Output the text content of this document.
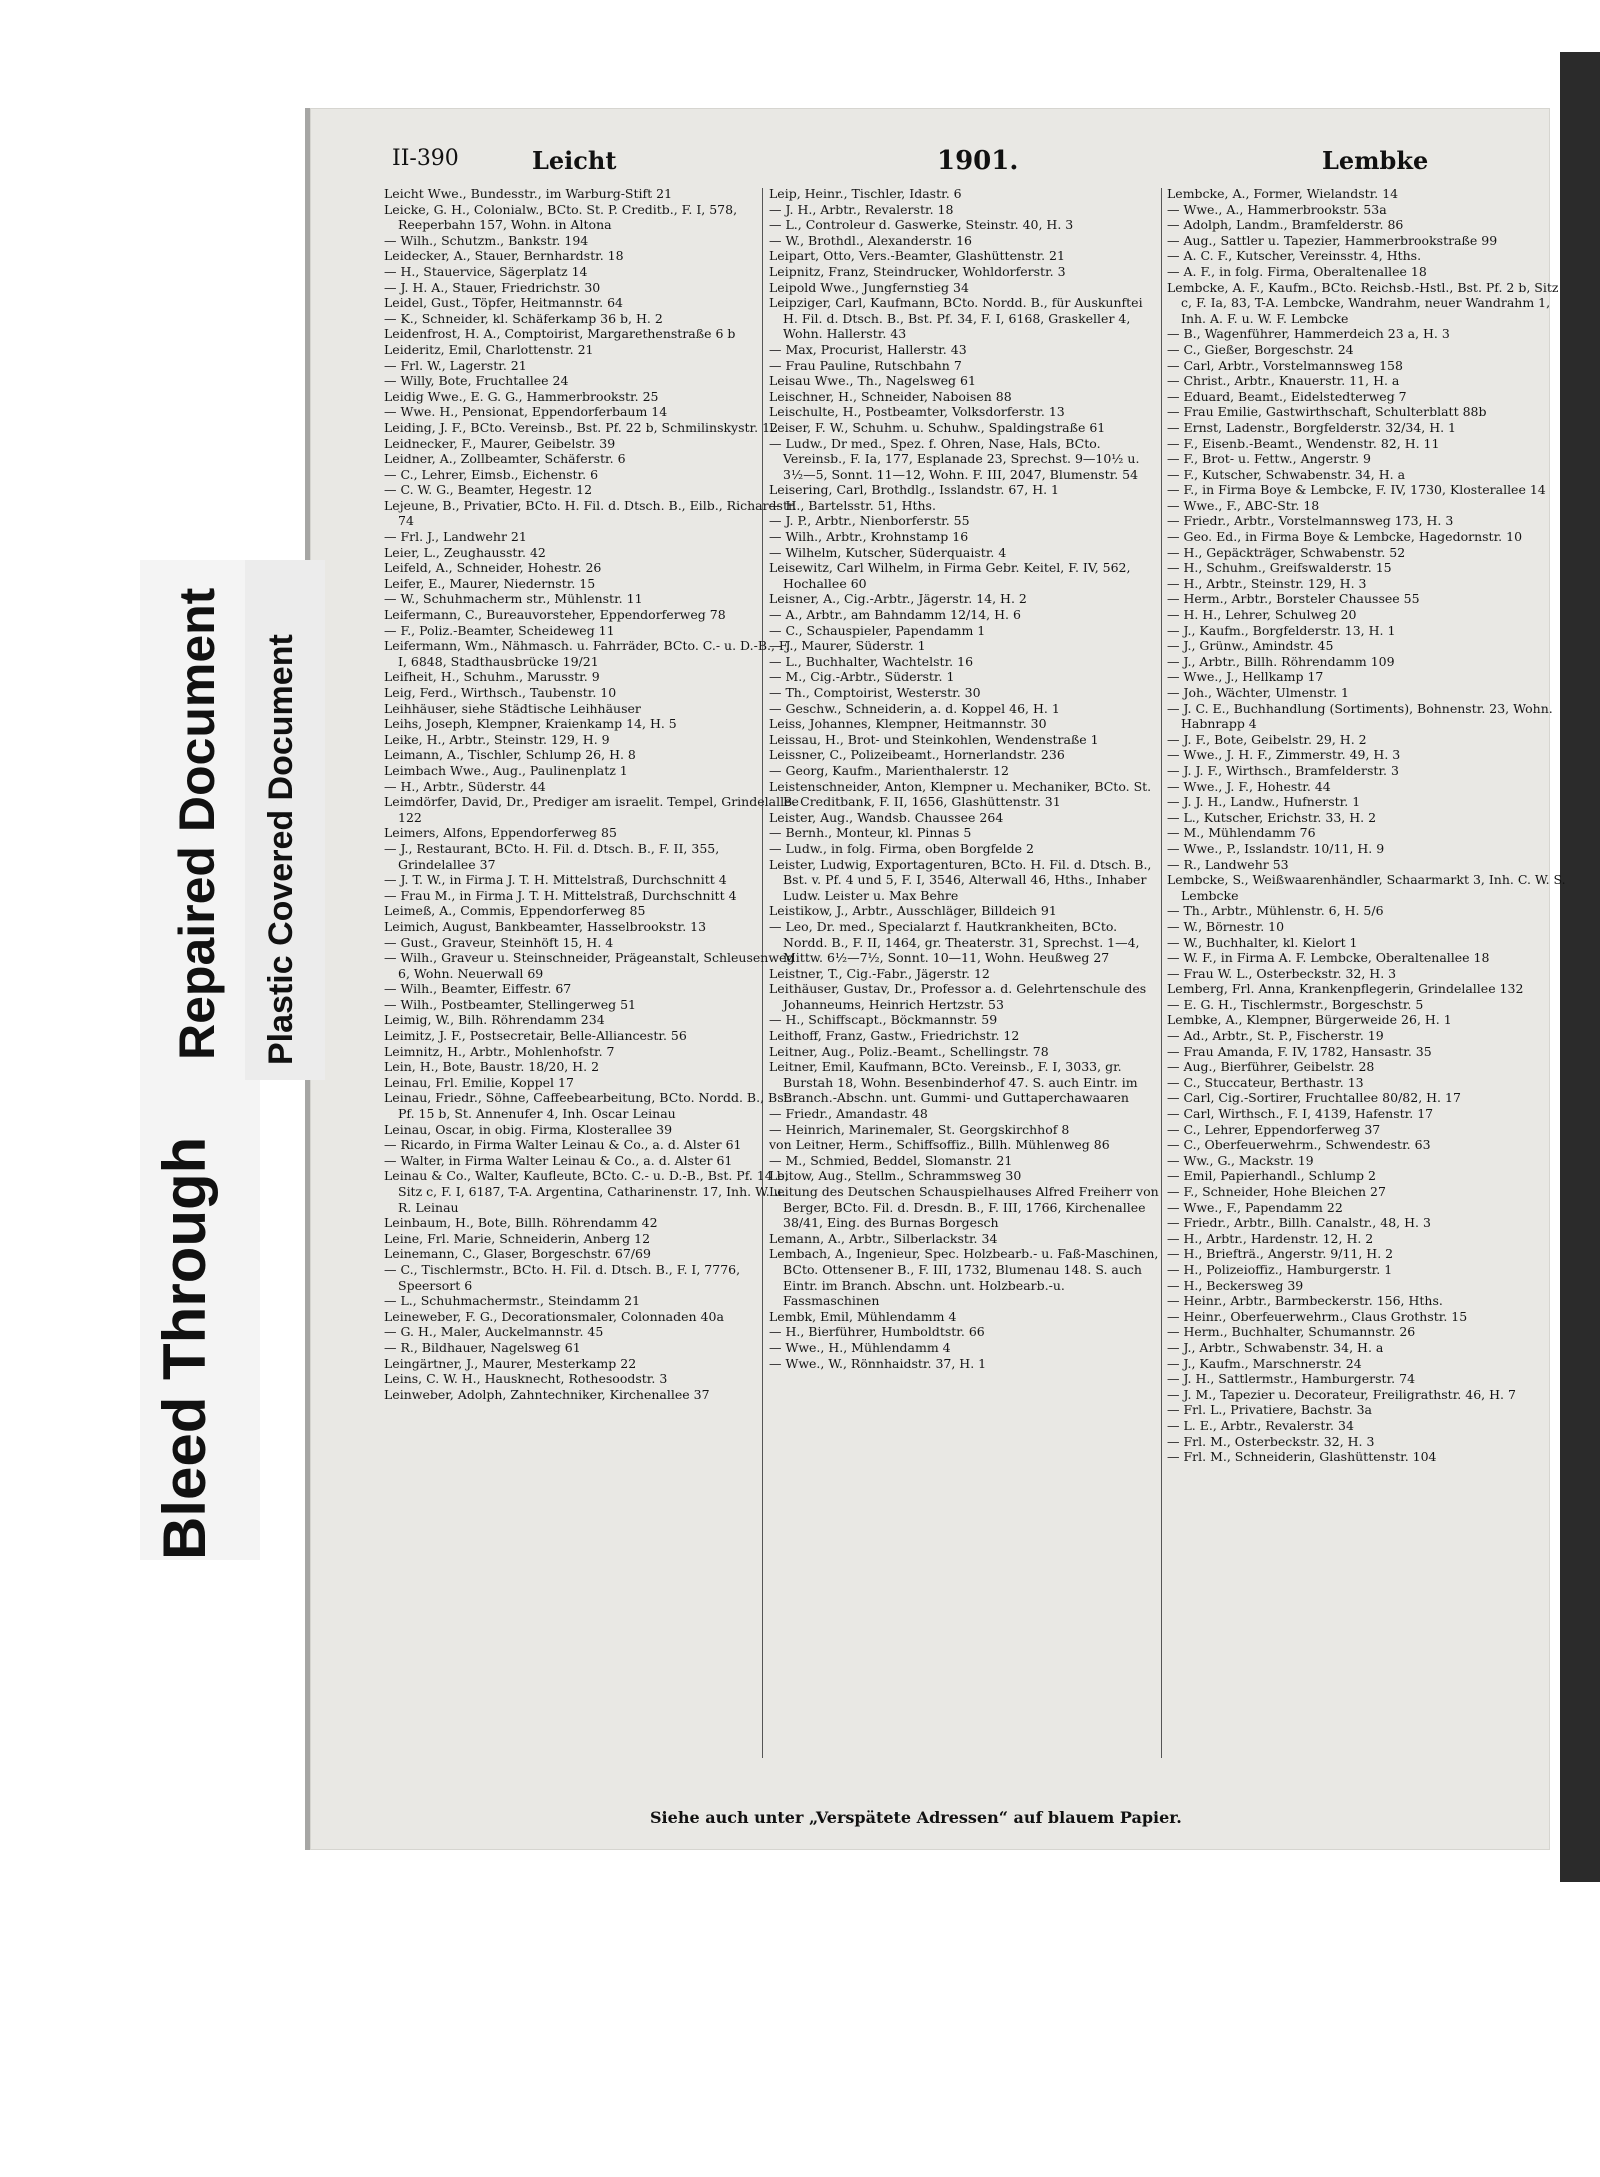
Bleed Through
Repaired Document Plastic Covered Document
II-390	Leicht	1901.	Lembke

Leicht Wwe., Bundesstr., im Warburg-Stift 21

Leicke, G. H., Colonialw., BCto. St. P. Creditb., F. I, 578, Reeperbahn 157, Wohn. in Altona

— Wilh., Schutzm., Bankstr. 194

Leidecker, A., Stauer, Bernhardstr. 18

— H., Stauervice, Sägerplatz 14

— J. H. A., Stauer, Friedrichstr. 30

Leidel, Gust., Töpfer, Heitmannstr. 64

— K., Schneider, kl. Schäferkamp 36 b, H. 2

Leidenfrost, H. A., Comptoirist, Margarethenstraße 6 b

Leideritz, Emil, Charlottenstr. 21

— Frl. W., Lagerstr. 21

— Willy, Bote, Fruchtallee 24

Leidig Wwe., E. G. G., Hammerbrookstr. 25

— Wwe. H., Pensionat, Eppendorferbaum 14

Leiding, J. F., BCto. Vereinsb., Bst. Pf. 22 b, Schmilinskystr. 12

Leidnecker, F., Maurer, Geibelstr. 39

Leidner, A., Zollbeamter, Schäferstr. 6

— C., Lehrer, Eimsb., Eichenstr. 6

— C. W. G., Beamter, Hegestr. 12

Lejeune, B., Privatier, BCto. H. Fil. d. Dtsch. B., Eilb., Richardstr. 74

— Frl. J., Landwehr 21

Leier, L., Zeughausstr. 42

Leifeld, A., Schneider, Hohestr. 26

Leifer, E., Maurer, Niedernstr. 15

— W., Schuhmacherm str., Mühlenstr. 11

Leifermann, C., Bureauvorsteher, Eppendorferweg 78

— F., Poliz.-Beamter, Scheideweg 11

Leifermann, Wm., Nähmasch. u. Fahrräder, BCto. C.- u. D.-B., F. I, 6848, Stadthausbrücke 19/21

Leifheit, H., Schuhm., Marusstr. 9

Leig, Ferd., Wirthsch., Taubenstr. 10

Leihhäuser, siehe Städtische Leihhäuser

Leihs, Joseph, Klempner, Kraienkamp 14, H. 5

Leike, H., Arbtr., Steinstr. 129, H. 9

Leimann, A., Tischler, Schlump 26, H. 8

Leimbach Wwe., Aug., Paulinenplatz 1

— H., Arbtr., Süderstr. 44

Leimdörfer, David, Dr., Prediger am israelit. Tempel, Grindelallee 122

Leimers, Alfons, Eppendorferweg 85

— J., Restaurant, BCto. H. Fil. d. Dtsch. B., F. II, 355, Grindelallee 37

— J. T. W., in Firma J. T. H. Mittelstraß, Durchschnitt 4

— Frau M., in Firma J. T. H. Mittelstraß, Durchschnitt 4

Leimeß, A., Commis, Eppendorferweg 85

Leimich, August, Bankbeamter, Hasselbrookstr. 13

— Gust., Graveur, Steinhöft 15, H. 4

— Wilh., Graveur u. Steinschneider, Prägeanstalt, Schleusenweg 6, Wohn. Neuerwall 69

— Wilh., Beamter, Eiffestr. 67

— Wilh., Postbeamter, Stellingerweg 51

Leimig, W., Bilh. Röhrendamm 234

Leimitz, J. F., Postsecretair, Belle-Alliancestr. 56

Leimnitz, H., Arbtr., Mohlenhofstr. 7

Lein, H., Bote, Baustr. 18/20, H. 2

Leinau, Frl. Emilie, Koppel 17

Leinau, Friedr., Söhne, Caffeebearbeitung, BCto. Nordd. B., Bst. Pf. 15 b, St. Annenufer 4, Inh. Oscar Leinau

Leinau, Oscar, in obig. Firma, Klosterallee 39

— Ricardo, in Firma Walter Leinau & Co., a. d. Alster 61

— Walter, in Firma Walter Leinau & Co., a. d. Alster 61

Leinau & Co., Walter, Kaufleute, BCto. C.- u. D.-B., Bst. Pf. 14 b, Sitz c, F. I, 6187, T-A. Argentina, Catharinenstr. 17, Inh. W. u. R. Leinau

Leinbaum, H., Bote, Billh. Röhrendamm 42

Leine, Frl. Marie, Schneiderin, Anberg 12

Leinemann, C., Glaser, Borgeschstr. 67/69

— C., Tischlermstr., BCto. H. Fil. d. Dtsch. B., F. I, 7776, Speersort 6

— L., Schuhmachermstr., Steindamm 21

Leineweber, F. G., Decorationsmaler, Colonnaden 40a

— G. H., Maler, Auckelmannstr. 45

— R., Bildhauer, Nagelsweg 61

Leingärtner, J., Maurer, Mesterkamp 22

Leins, C. W. H., Hausknecht, Rothesoodstr. 3

Leinweber, Adolph, Zahntechniker, Kirchenallee 37

Leip, Heinr., Tischler, Idastr. 6

— J. H., Arbtr., Revalerstr. 18

— L., Controleur d. Gaswerke, Steinstr. 40, H. 3

— W., Brothdl., Alexanderstr. 16

Leipart, Otto, Vers.-Beamter, Glashüttenstr. 21

Leipnitz, Franz, Steindrucker, Wohldorferstr. 3

Leipold Wwe., Jungfernstieg 34

Leipziger, Carl, Kaufmann, BCto. Nordd. B., für Auskunftei H. Fil. d. Dtsch. B., Bst. Pf. 34, F. I, 6168, Graskeller 4, Wohn. Hallerstr. 43

— Max, Procurist, Hallerstr. 43

— Frau Pauline, Rutschbahn 7

Leisau Wwe., Th., Nagelsweg 61

Leischner, H., Schneider, Naboisen 88

Leischulte, H., Postbeamter, Volksdorferstr. 13

Leiser, F. W., Schuhm. u. Schuhw., Spaldingstraße 61

— Ludw., Dr med., Spez. f. Ohren, Nase, Hals, BCto. Vereinsb., F. Ia, 177, Esplanade 23, Sprechst. 9—10½ u. 3½—5, Sonnt. 11—12, Wohn. F. III, 2047, Blumenstr. 54

Leisering, Carl, Brothdlg., Isslandstr. 67, H. 1

— H., Bartelsstr. 51, Hths.

— J. P., Arbtr., Nienborferstr. 55

— Wilh., Arbtr., Krohnstamp 16

— Wilhelm, Kutscher, Süderquaistr. 4

Leisewitz, Carl Wilhelm, in Firma Gebr. Keitel, F. IV, 562, Hochallee 60

Leisner, A., Cig.-Arbtr., Jägerstr. 14, H. 2

— A., Arbtr., am Bahndamm 12/14, H. 6

— C., Schauspieler, Papendamm 1

— J., Maurer, Süderstr. 1

— L., Buchhalter, Wachtelstr. 16

— M., Cig.-Arbtr., Süderstr. 1

— Th., Comptoirist, Westerstr. 30

— Geschw., Schneiderin, a. d. Koppel 46, H. 1

Leiss, Johannes, Klempner, Heitmannstr. 30

Leissau, H., Brot- und Steinkohlen, Wendenstraße 1

Leissner, C., Polizeibeamt., Hornerlandstr. 236

— Georg, Kaufm., Marienthalerstr. 12

Leistenschneider, Anton, Klempner u. Mechaniker, BCto. St. B. Creditbank, F. II, 1656, Glashüttenstr. 31

Leister, Aug., Wandsb. Chaussee 264

— Bernh., Monteur, kl. Pinnas 5

— Ludw., in folg. Firma, oben Borgfelde 2

Leister, Ludwig, Exportagenturen, BCto. H. Fil. d. Dtsch. B., Bst. v. Pf. 4 und 5, F. I, 3546, Alterwall 46, Hths., Inhaber Ludw. Leister u. Max Behre

Leistikow, J., Arbtr., Ausschläger, Billdeich 91

— Leo, Dr. med., Specialarzt f. Hautkrankheiten, BCto. Nordd. B., F. II, 1464, gr. Theaterstr. 31, Sprechst. 1—4, Mittw. 6½—7½, Sonnt. 10—11, Wohn. Heußweg 27

Leistner, T., Cig.-Fabr., Jägerstr. 12

Leithäuser, Gustav, Dr., Professor a. d. Gelehrtenschule des Johanneums, Heinrich Hertzstr. 53

— H., Schiffscapt., Böckmannstr. 59

Leithoff, Franz, Gastw., Friedrichstr. 12

Leitner, Aug., Poliz.-Beamt., Schellingstr. 78

Leitner, Emil, Kaufmann, BCto. Vereinsb., F. I, 3033, gr. Burstah 18, Wohn. Besenbinderhof 47. S. auch Eintr. im Branch.-Abschn. unt. Gummi- und Guttaperchawaaren

— Friedr., Amandastr. 48

— Heinrich, Marinemaler, St. Georgskirchhof 8

von Leitner, Herm., Schiffsoffiz., Billh. Mühlenweg 86

— M., Schmied, Beddel, Slomanstr. 21

Leitow, Aug., Stellm., Schrammsweg 30

Leitung des Deutschen Schauspielhauses Alfred Freiherr von Berger, BCto. Fil. d. Dresdn. B., F. III, 1766, Kirchenallee 38/41, Eing. des Burnas Borgesch

Lemann, A., Arbtr., Silberlackstr. 34

Lembach, A., Ingenieur, Spec. Holzbearb.- u. Faß-Maschinen, BCto. Ottensener B., F. III, 1732, Blumenau 148. S. auch Eintr. im Branch. Abschn. unt. Holzbearb.-u. Fassmaschinen

Lembk, Emil, Mühlendamm 4

— H., Bierführer, Humboldtstr. 66

— Wwe., H., Mühlendamm 4

— Wwe., W., Rönnhaidstr. 37, H. 1

Lembcke, A., Former, Wielandstr. 14

— Wwe., A., Hammerbrookstr. 53a

— Adolph, Landm., Bramfelderstr. 86

— Aug., Sattler u. Tapezier, Hammerbrookstraße 99

— A. C. F., Kutscher, Vereinsstr. 4, Hths.

— A. F., in folg. Firma, Oberaltenallee 18

Lembcke, A. F., Kaufm., BCto. Reichsb.-Hstl., Bst. Pf. 2 b, Sitz c, F. Ia, 83, T-A. Lembcke, Wandrahm, neuer Wandrahm 1, Inh. A. F. u. W. F. Lembcke

— B., Wagenführer, Hammerdeich 23 a, H. 3

— C., Gießer, Borgeschstr. 24

— Carl, Arbtr., Vorstelmannsweg 158

— Christ., Arbtr., Knauerstr. 11, H. a

— Eduard, Beamt., Eidelstedterweg 7

— Frau Emilie, Gastwirthschaft, Schulterblatt 88b

— Ernst, Ladenstr., Borgfelderstr. 32/34, H. 1

— F., Eisenb.-Beamt., Wendenstr. 82, H. 11

— F., Brot- u. Fettw., Angerstr. 9

— F., Kutscher, Schwabenstr. 34, H. a

— F., in Firma Boye & Lembcke, F. IV, 1730, Klosterallee 14

— Wwe., F., ABC-Str. 18

— Friedr., Arbtr., Vorstelmannsweg 173, H. 3

— Geo. Ed., in Firma Boye & Lembcke, Hagedornstr. 10

— H., Gepäckträger, Schwabenstr. 52

— H., Schuhm., Greifswalderstr. 15

— H., Arbtr., Steinstr. 129, H. 3

— Herm., Arbtr., Borsteler Chaussee 55

— H. H., Lehrer, Schulweg 20

— J., Kaufm., Borgfelderstr. 13, H. 1

— J., Grünw., Amindstr. 45

— J., Arbtr., Billh. Röhrendamm 109

— Wwe., J., Hellkamp 17

— Joh., Wächter, Ulmenstr. 1

— J. C. E., Buchhandlung (Sortiments), Bohnenstr. 23, Wohn. Habnrapp 4

— J. F., Bote, Geibelstr. 29, H. 2

— Wwe., J. H. F., Zimmerstr. 49, H. 3

— J. J. F., Wirthsch., Bramfelderstr. 3

— Wwe., J. F., Hohestr. 44

— J. J. H., Landw., Hufnerstr. 1

— L., Kutscher, Erichstr. 33, H. 2

— M., Mühlendamm 76

— Wwe., P., Isslandstr. 10/11, H. 9

— R., Landwehr 53

Lembcke, S., Weißwaarenhändler, Schaarmarkt 3, Inh. C. W. S. Lembcke

— Th., Arbtr., Mühlenstr. 6, H. 5/6

— W., Börnestr. 10

— W., Buchhalter, kl. Kielort 1

— W. F., in Firma A. F. Lembcke, Oberaltenallee 18

— Frau W. L., Osterbeckstr. 32, H. 3

Lemberg, Frl. Anna, Krankenpflegerin, Grindelallee 132

— E. G. H., Tischlermstr., Borgeschstr. 5

Lembke, A., Klempner, Bürgerweide 26, H. 1

— Ad., Arbtr., St. P., Fischerstr. 19

— Frau Amanda, F. IV, 1782, Hansastr. 35

— Aug., Bierführer, Geibelstr. 28

— C., Stuccateur, Berthastr. 13

— Carl, Cig.-Sortirer, Fruchtallee 80/82, H. 17

— Carl, Wirthsch., F. I, 4139, Hafenstr. 17

— C., Lehrer, Eppendorferweg 37

— C., Oberfeuerwehrm., Schwendestr. 63

— Ww., G., Mackstr. 19

— Emil, Papierhandl., Schlump 2

— F., Schneider, Hohe Bleichen 27

— Wwe., F., Papendamm 22

— Friedr., Arbtr., Billh. Canalstr., 48, H. 3

— H., Arbtr., Hardenstr. 12, H. 2

— H., Briefträ., Angerstr. 9/11, H. 2

— H., Polizeioffiz., Hamburgerstr. 1

— H., Beckersweg 39

— Heinr., Arbtr., Barmbeckerstr. 156, Hths.

— Heinr., Oberfeuerwehrm., Claus Grothstr. 15

— Herm., Buchhalter, Schumannstr. 26

— J., Arbtr., Schwabenstr. 34, H. a

— J., Kaufm., Marschnerstr. 24

— J. H., Sattlermstr., Hamburgerstr. 74

— J. M., Tapezier u. Decorateur, Freiligrathstr. 46, H. 7

— Frl. L., Privatiere, Bachstr. 3a

— L. E., Arbtr., Revalerstr. 34

— Frl. M., Osterbeckstr. 32, H. 3

— Frl. M., Schneiderin, Glashüttenstr. 104

Siehe auch unter „Verspätete Adressen“ auf blauem Papier.
